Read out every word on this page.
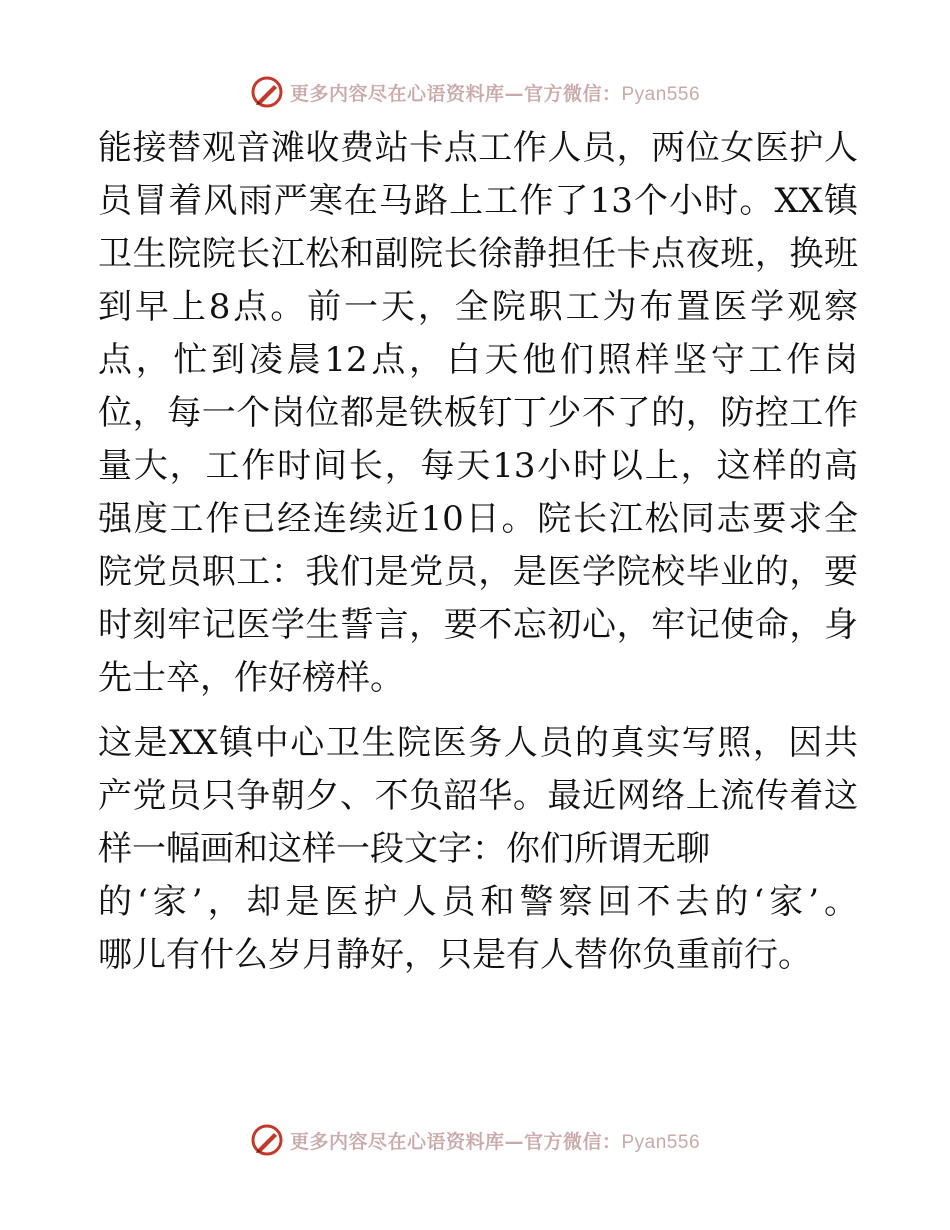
更多内容尽在心语资料库—官方微信：Pyan556
能接替观音滩收费站卡点工作人员，两位女医护人
员冒着风雨严寒在马路上工作了13个小时。XX镇
卫生院院长江松和副院长徐静担任卡点夜班，换班
到早上8点。前一天，全院职工为布置医学观察
点，忙到凌晨12点，白天他们照样坚守工作岗
位，每一个岗位都是铁板钉丁少不了的，防控工作
量大，工作时间长，每天13小时以上，这样的高
强度工作已经连续近10日。院长江松同志要求全
院党员职工：我们是党员，是医学院校毕业的，要
时刻牢记医学生誓言，要不忘初心，牢记使命，身
先士卒，作好榜样。
这是XX镇中心卫生院医务人员的真实写照，因共
产党员只争朝夕、不负韶华。最近网络上流传着这
样一幅画和这样一段文字：你们所谓无聊
的‘家’，却是医护人员和警察回不去的‘家’。
哪儿有什么岁月静好，只是有人替你负重前行。
更多内容尽在心语资料库—官方微信：Pyan556
